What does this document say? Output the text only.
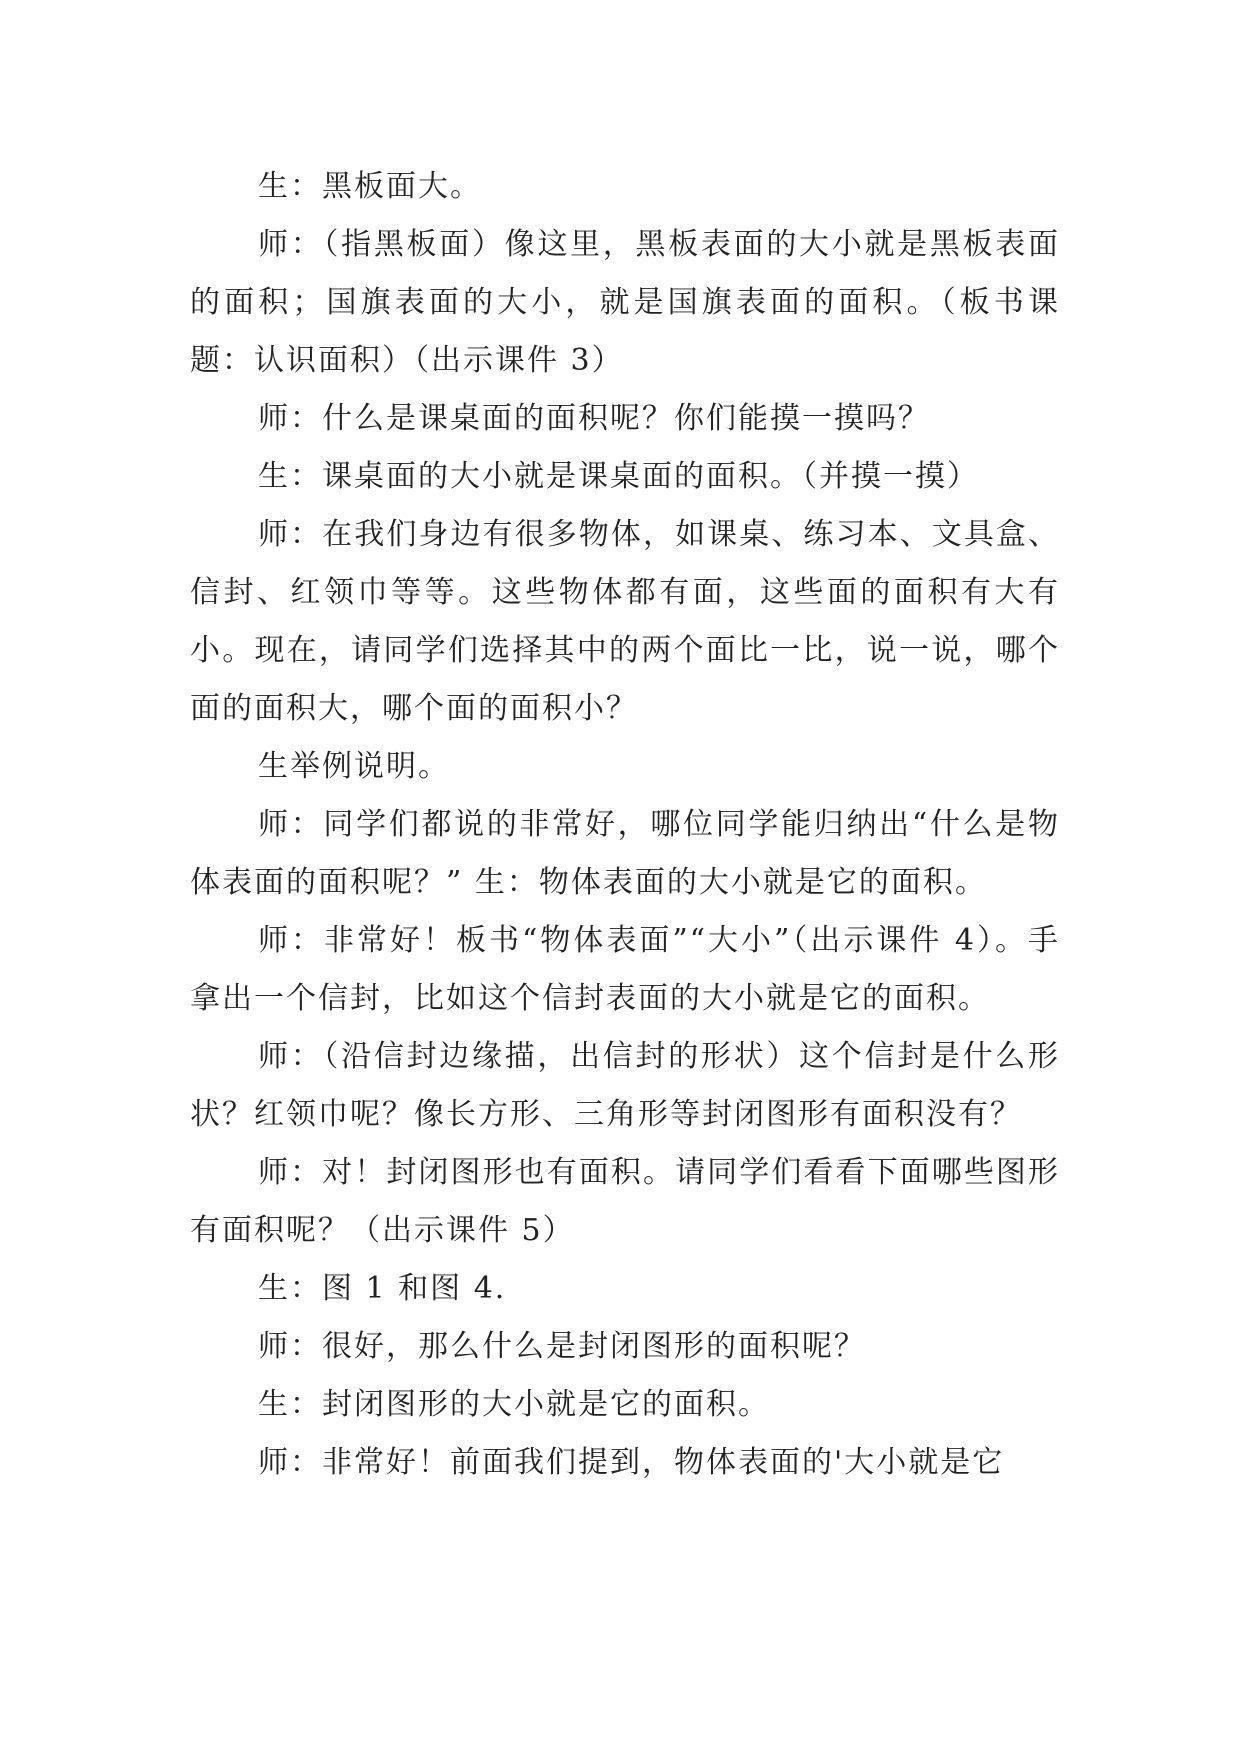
生：黑板面大。

师：（指黑板面）像这里，黑板表面的大小就是黑板表面的面积；国旗表面的大小，就是国旗表面的面积。（板书课题：认识面积）（出示课件 3）

师：什么是课桌面的面积呢？你们能摸一摸吗？

生：课桌面的大小就是课桌面的面积。（并摸一摸）

师：在我们身边有很多物体，如课桌、练习本、文具盒、信封、红领巾等等。这些物体都有面，这些面的面积有大有小。现在，请同学们选择其中的两个面比一比，说一说，哪个面的面积大，哪个面的面积小？

生举例说明。

师：同学们都说的非常好，哪位同学能归纳出“什么是物体表面的面积呢？” 生：物体表面的大小就是它的面积。

师：非常好！板书“物体表面”“大小”（出示课件 4）。手拿出一个信封，比如这个信封表面的大小就是它的面积。

师：（沿信封边缘描，出信封的形状）这个信封是什么形状？红领巾呢？像长方形、三角形等封闭图形有面积没有？

师：对！封闭图形也有面积。请同学们看看下面哪些图形有面积呢？（出示课件 5）

生：图 1 和图 4.

师：很好，那么什么是封闭图形的面积呢？

生：封闭图形的大小就是它的面积。

师：非常好！前面我们提到，物体表面的'大小就是它
